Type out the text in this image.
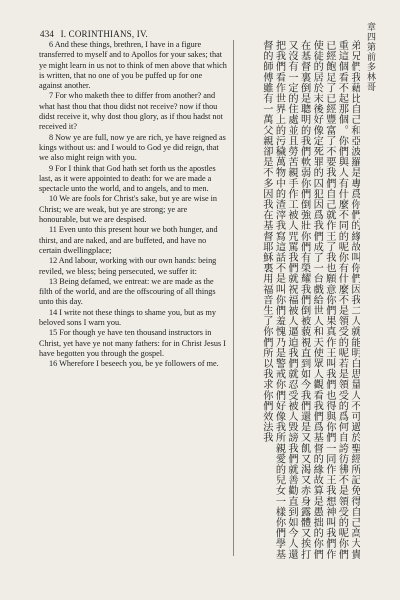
434 I. CORINTHIANS, IV.	章四第前多林哥

6 And these things, brethren, I have in a figure transferred to myself and to Apollos for your sakes; that ye might learn in us not to think of men above that which is written, that no one of you be puffed up for one against another.

7 For who maketh thee to differ from another? and what hast thou that thou didst not receive? now if thou didst receive it, why dost thou glory, as if thou hadst not received it?

8 Now ye are full, now ye are rich, ye have reigned as kings without us: and I would to God ye did reign, that we also might reign with you.

9 For I think that God hath set forth us the apostles last, as it were appointed to death: for we are made a spectacle unto the world, and to angels, and to men.

10 We are fools for Christ's sake, but ye are wise in Christ; we are weak, but ye are strong; ye are honourable, but we are despised.

11 Even unto this present hour we both hunger, and thirst, and are naked, and are buffeted, and have no certain dwellingplace;

12 And labour, working with our own hands: being reviled, we bless; being persecuted, we suffer it:

13 Being defamed, we entreat: we are made as the filth of the world, and are the offscouring of all things unto this day.

14 I write not these things to shame you, but as my beloved sons I warn you.

15 For though ye have ten thousand instructors in Christ, yet have ye not many fathers: for in Christ Jesus I have begotten you through the gospel.

16 Wherefore I beseech you, be ye followers of me.	弟兄們我藉比自己和亞波羅是專爲你們的緣故叫你們因我二人就能明白思量人不可過於聖經所記免得自己高大貴重這個看不起那個。你們與人有什麼不同的呢你有什麼不是領受的呢若是領受的爲何自誇彷彿不是領受的呢你們已經飽足了已經豐富了不要我們自己就作王了我也願意你們果真作王叫我們也得與你們一同作王我想神叫我們作使徒的居於末後好像定死罪的囚犯因爲我們成了一台戲給世人和天使眾人觀看我們爲基督的緣故算是愚拙的你們在基督裏倒是聰明的我們軟弱你們倒強壯你們有榮耀我們倒被藐視直到如今我們還是又飢又渴又赤身露體又挨打又沒有一定的住處並且勞苦親手作工被人咒罵我們就祝福被人逼迫我們就忍受被人毀謗我們就善勸直到如今人還把我們看作世界上的污穢萬物中的渣滓我寫這話不是叫你們羞愧乃是警戒你們好像我所親愛的兒女一樣你們學基督的師傅雖有一萬父親卻是不多因我在基督耶穌裏用福音生了你們所以我求你們效法我
